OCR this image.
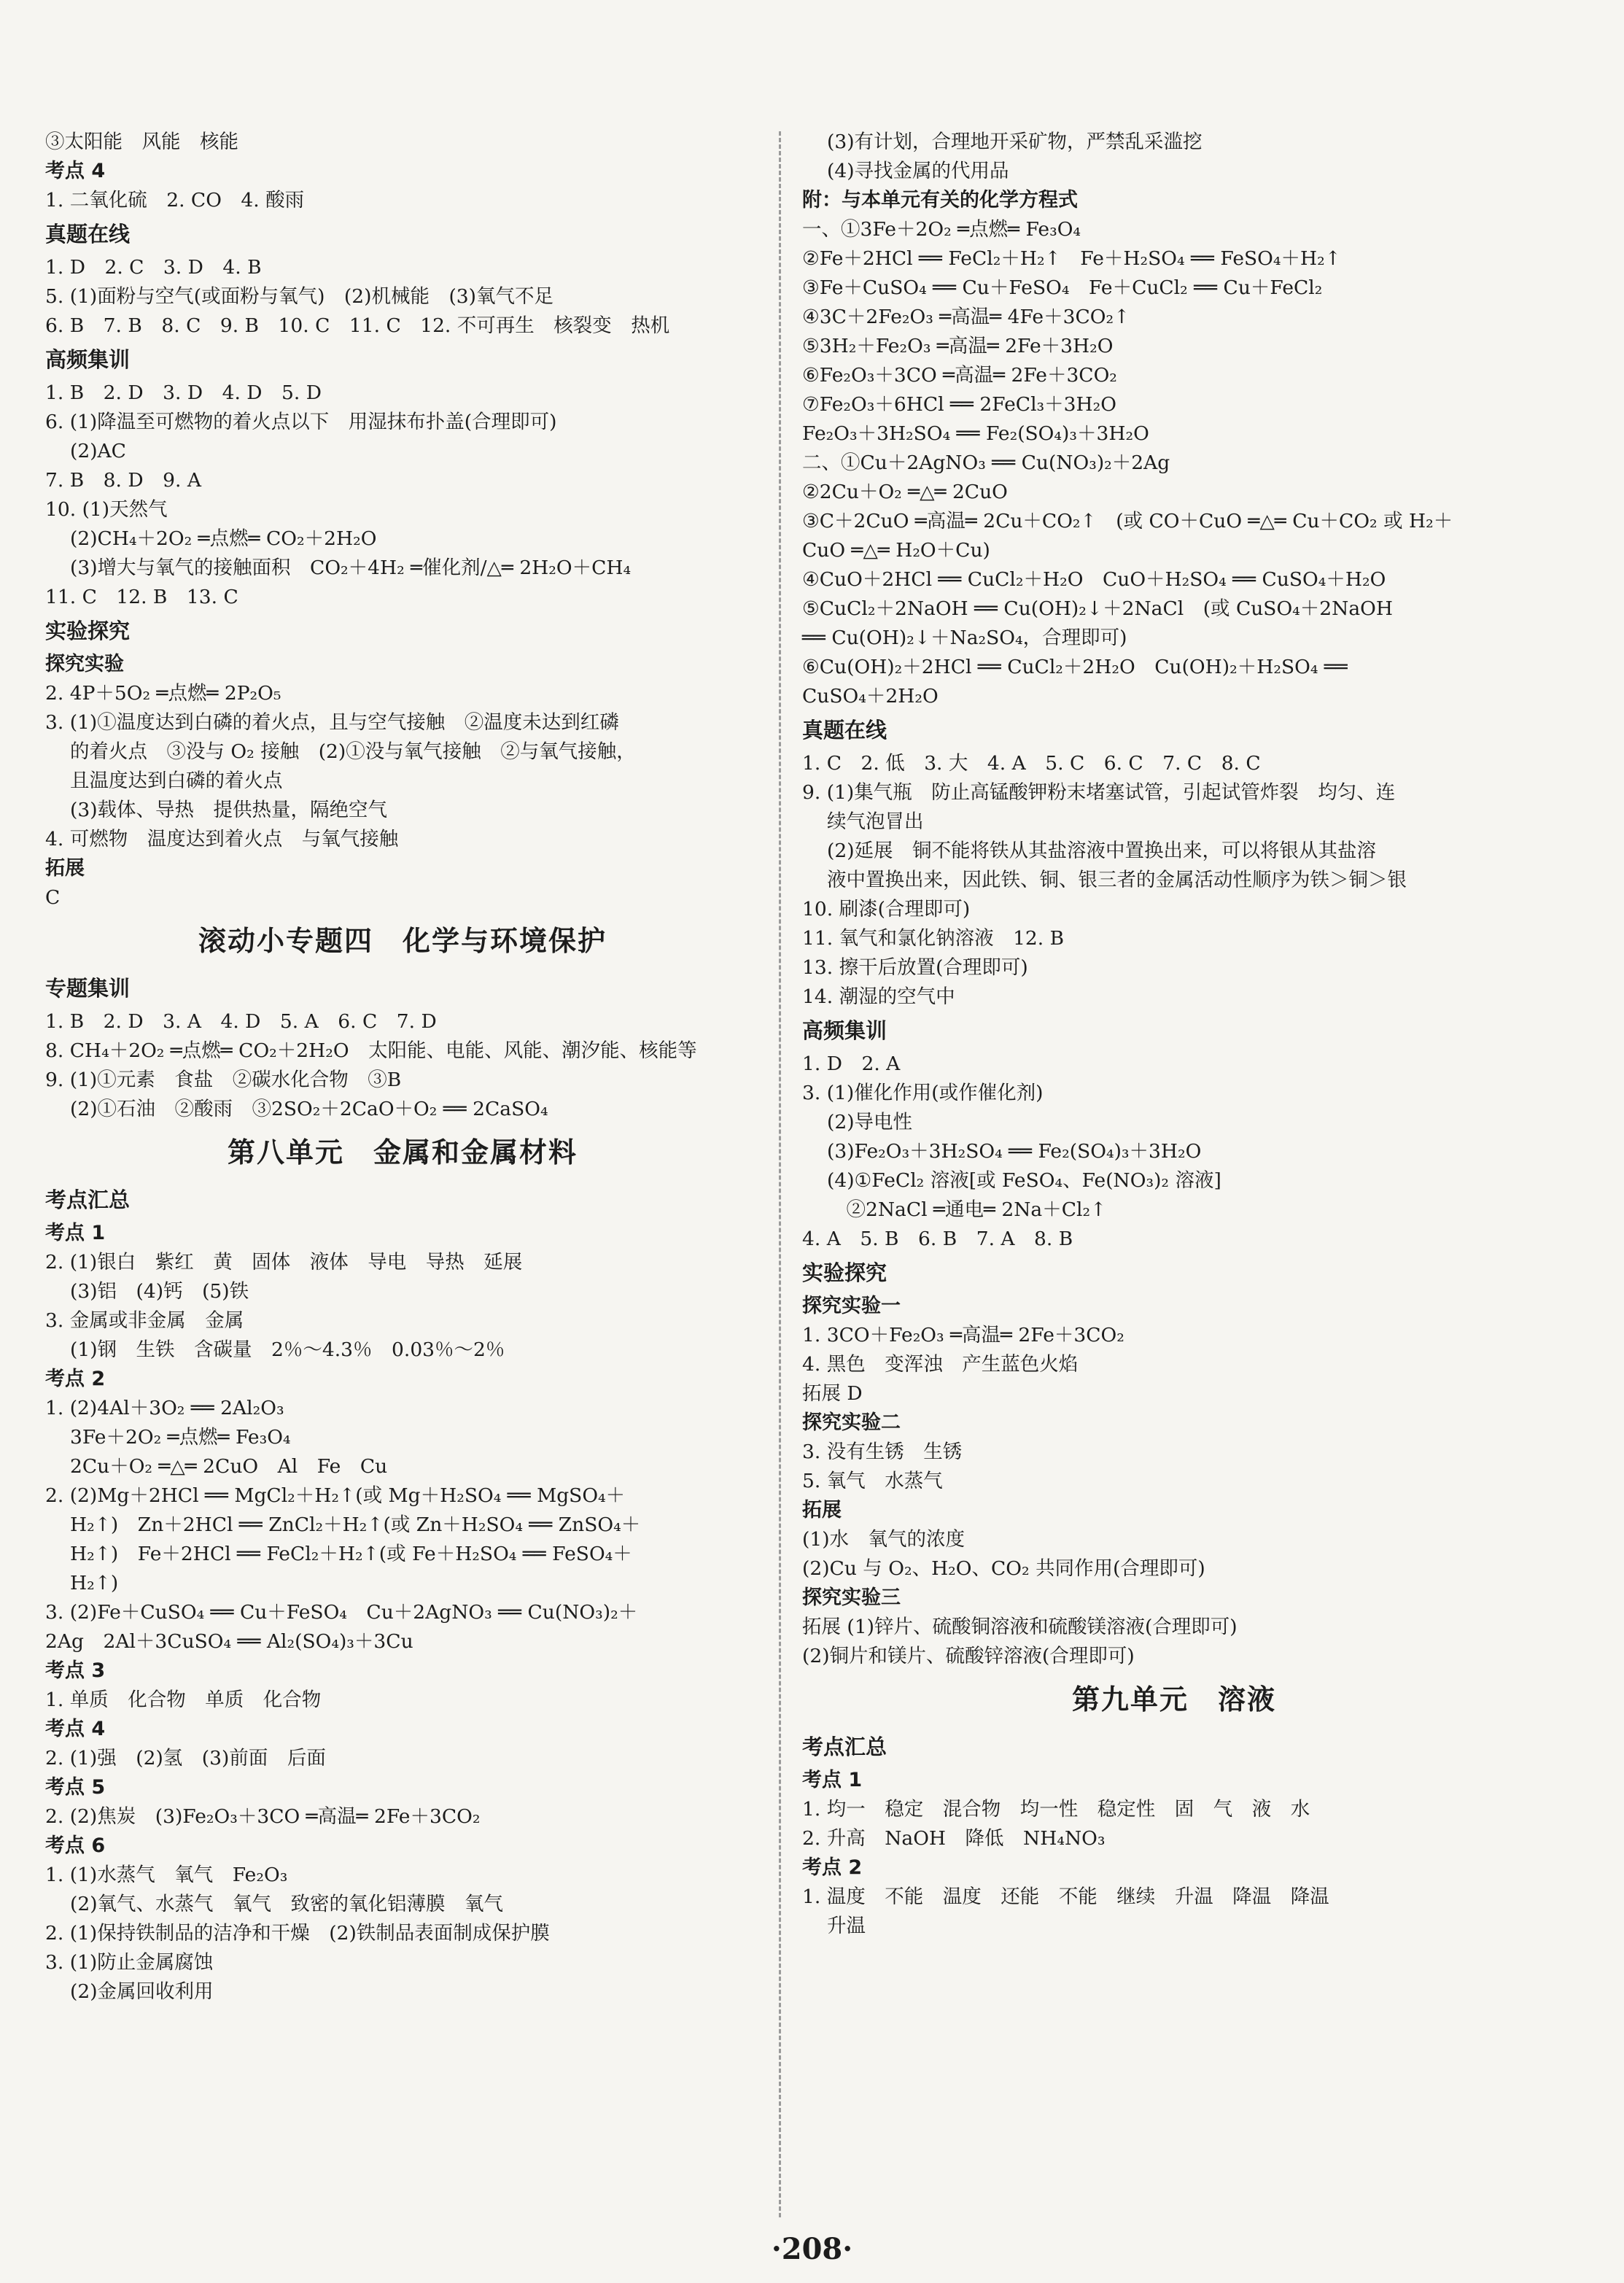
③太阳能　风能　核能
考点 4
1. 二氧化硫　2. CO　4. 酸雨
真题在线
1. D　2. C　3. D　4. B
5. (1)面粉与空气(或面粉与氧气)　(2)机械能　(3)氧气不足
6. B　7. B　8. C　9. B　10. C　11. C　12. 不可再生　核裂变　热机
高频集训
1. B　2. D　3. D　4. D　5. D
6. (1)降温至可燃物的着火点以下　用湿抹布扑盖(合理即可)
(2)AC
7. B　8. D　9. A
10. (1)天然气
(2)CH₄＋2O₂ ═点燃═ CO₂＋2H₂O
(3)增大与氧气的接触面积　CO₂＋4H₂ ═催化剂/△═ 2H₂O＋CH₄
11. C　12. B　13. C
实验探究
探究实验
2. 4P＋5O₂ ═点燃═ 2P₂O₅
3. (1)①温度达到白磷的着火点，且与空气接触　②温度未达到红磷
的着火点　③没与 O₂ 接触　(2)①没与氧气接触　②与氧气接触，
且温度达到白磷的着火点
(3)载体、导热　提供热量，隔绝空气
4. 可燃物　温度达到着火点　与氧气接触
拓展
C
滚动小专题四　化学与环境保护
专题集训
1. B　2. D　3. A　4. D　5. A　6. C　7. D
8. CH₄＋2O₂ ═点燃═ CO₂＋2H₂O　太阳能、电能、风能、潮汐能、核能等
9. (1)①元素　食盐　②碳水化合物　③B
(2)①石油　②酸雨　③2SO₂＋2CaO＋O₂ ══ 2CaSO₄
第八单元　金属和金属材料
考点汇总
考点 1
2. (1)银白　紫红　黄　固体　液体　导电　导热　延展
(3)铝　(4)钙　(5)铁
3. 金属或非金属　金属
(1)钢　生铁　含碳量　2％～4.3％　0.03％～2％
考点 2
1. (2)4Al＋3O₂ ══ 2Al₂O₃
3Fe＋2O₂ ═点燃═ Fe₃O₄
2Cu＋O₂ ═△═ 2CuO　Al　Fe　Cu
2. (2)Mg＋2HCl ══ MgCl₂＋H₂↑(或 Mg＋H₂SO₄ ══ MgSO₄＋
H₂↑)　Zn＋2HCl ══ ZnCl₂＋H₂↑(或 Zn＋H₂SO₄ ══ ZnSO₄＋
H₂↑)　Fe＋2HCl ══ FeCl₂＋H₂↑(或 Fe＋H₂SO₄ ══ FeSO₄＋
H₂↑)
3. (2)Fe＋CuSO₄ ══ Cu＋FeSO₄　Cu＋2AgNO₃ ══ Cu(NO₃)₂＋
2Ag　2Al＋3CuSO₄ ══ Al₂(SO₄)₃＋3Cu
考点 3
1. 单质　化合物　单质　化合物
考点 4
2. (1)强　(2)氢　(3)前面　后面
考点 5
2. (2)焦炭　(3)Fe₂O₃＋3CO ═高温═ 2Fe＋3CO₂
考点 6
1. (1)水蒸气　氧气　Fe₂O₃
(2)氧气、水蒸气　氧气　致密的氧化铝薄膜　氧气
2. (1)保持铁制品的洁净和干燥　(2)铁制品表面制成保护膜
3. (1)防止金属腐蚀
(2)金属回收利用
(3)有计划，合理地开采矿物，严禁乱采滥挖
(4)寻找金属的代用品
附：与本单元有关的化学方程式
一、①3Fe＋2O₂ ═点燃═ Fe₃O₄
②Fe＋2HCl ══ FeCl₂＋H₂↑　Fe＋H₂SO₄ ══ FeSO₄＋H₂↑
③Fe＋CuSO₄ ══ Cu＋FeSO₄　Fe＋CuCl₂ ══ Cu＋FeCl₂
④3C＋2Fe₂O₃ ═高温═ 4Fe＋3CO₂↑
⑤3H₂＋Fe₂O₃ ═高温═ 2Fe＋3H₂O
⑥Fe₂O₃＋3CO ═高温═ 2Fe＋3CO₂
⑦Fe₂O₃＋6HCl ══ 2FeCl₃＋3H₂O
Fe₂O₃＋3H₂SO₄ ══ Fe₂(SO₄)₃＋3H₂O
二、①Cu＋2AgNO₃ ══ Cu(NO₃)₂＋2Ag
②2Cu＋O₂ ═△═ 2CuO
③C＋2CuO ═高温═ 2Cu＋CO₂↑　(或 CO＋CuO ═△═ Cu＋CO₂ 或 H₂＋
CuO ═△═ H₂O＋Cu)
④CuO＋2HCl ══ CuCl₂＋H₂O　CuO＋H₂SO₄ ══ CuSO₄＋H₂O
⑤CuCl₂＋2NaOH ══ Cu(OH)₂↓＋2NaCl　(或 CuSO₄＋2NaOH
══ Cu(OH)₂↓＋Na₂SO₄，合理即可)
⑥Cu(OH)₂＋2HCl ══ CuCl₂＋2H₂O　Cu(OH)₂＋H₂SO₄ ══
CuSO₄＋2H₂O
真题在线
1. C　2. 低　3. 大　4. A　5. C　6. C　7. C　8. C
9. (1)集气瓶　防止高锰酸钾粉末堵塞试管，引起试管炸裂　均匀、连
续气泡冒出
(2)延展　铜不能将铁从其盐溶液中置换出来，可以将银从其盐溶
液中置换出来，因此铁、铜、银三者的金属活动性顺序为铁＞铜＞银
10. 刷漆(合理即可)
11. 氧气和氯化钠溶液　12. B
13. 擦干后放置(合理即可)
14. 潮湿的空气中
高频集训
1. D　2. A
3. (1)催化作用(或作催化剂)
(2)导电性
(3)Fe₂O₃＋3H₂SO₄ ══ Fe₂(SO₄)₃＋3H₂O
(4)①FeCl₂ 溶液[或 FeSO₄、Fe(NO₃)₂ 溶液]
　②2NaCl ═通电═ 2Na＋Cl₂↑
4. A　5. B　6. B　7. A　8. B
实验探究
探究实验一
1. 3CO＋Fe₂O₃ ═高温═ 2Fe＋3CO₂
4. 黑色　变浑浊　产生蓝色火焰
拓展 D
探究实验二
3. 没有生锈　生锈
5. 氧气　水蒸气
拓展
(1)水　氧气的浓度
(2)Cu 与 O₂、H₂O、CO₂ 共同作用(合理即可)
探究实验三
拓展 (1)锌片、硫酸铜溶液和硫酸镁溶液(合理即可)
(2)铜片和镁片、硫酸锌溶液(合理即可)
第九单元　溶液
考点汇总
考点 1
1. 均一　稳定　混合物　均一性　稳定性　固　气　液　水
2. 升高　NaOH　降低　NH₄NO₃
考点 2
1. 温度　不能　温度　还能　不能　继续　升温　降温　降温
升温
·208·
